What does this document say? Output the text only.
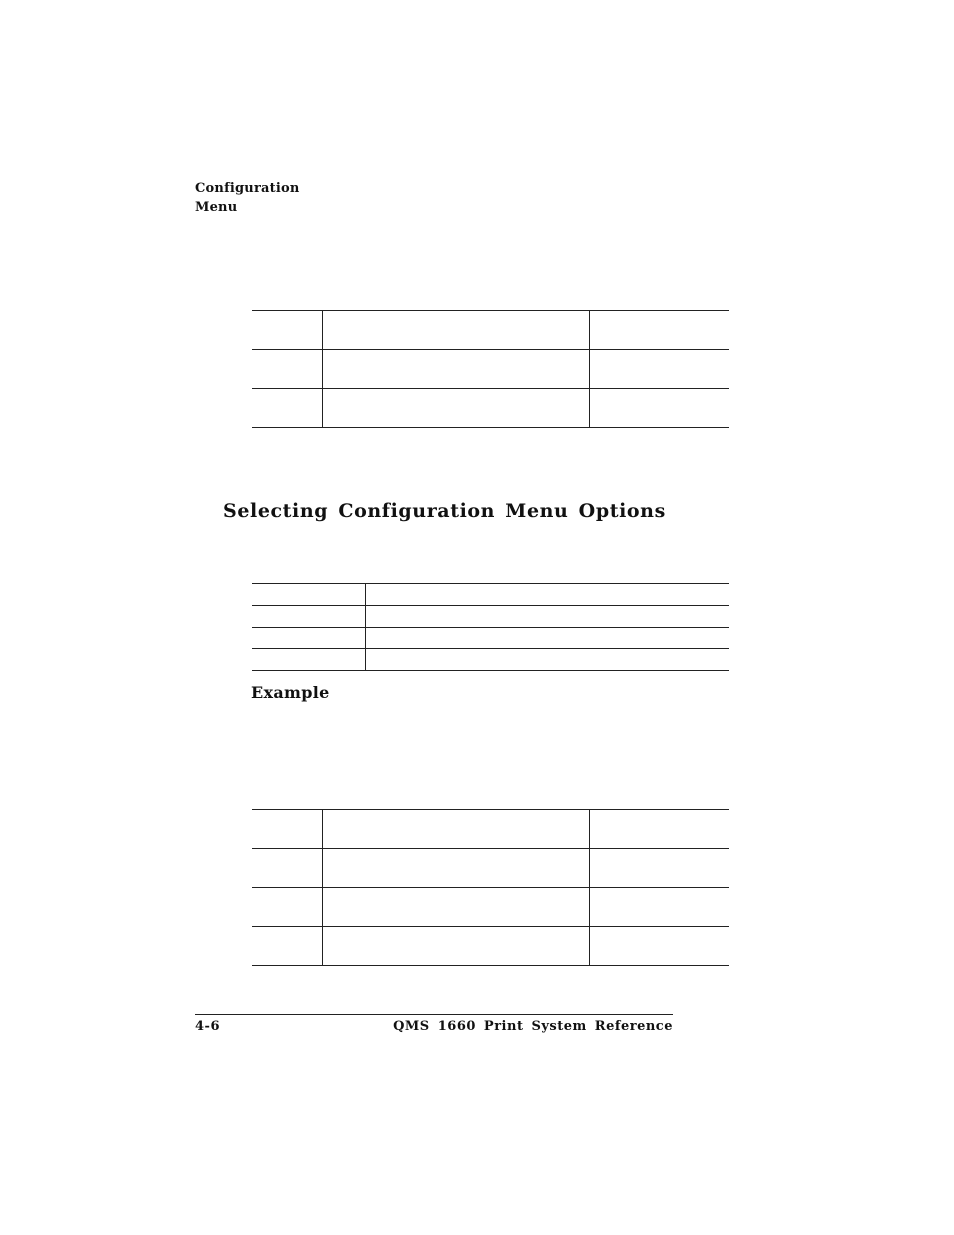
Configuration
Menu
Selecting Configuration Menu Options
Example
4-6	QMS 1660 Print System Reference
